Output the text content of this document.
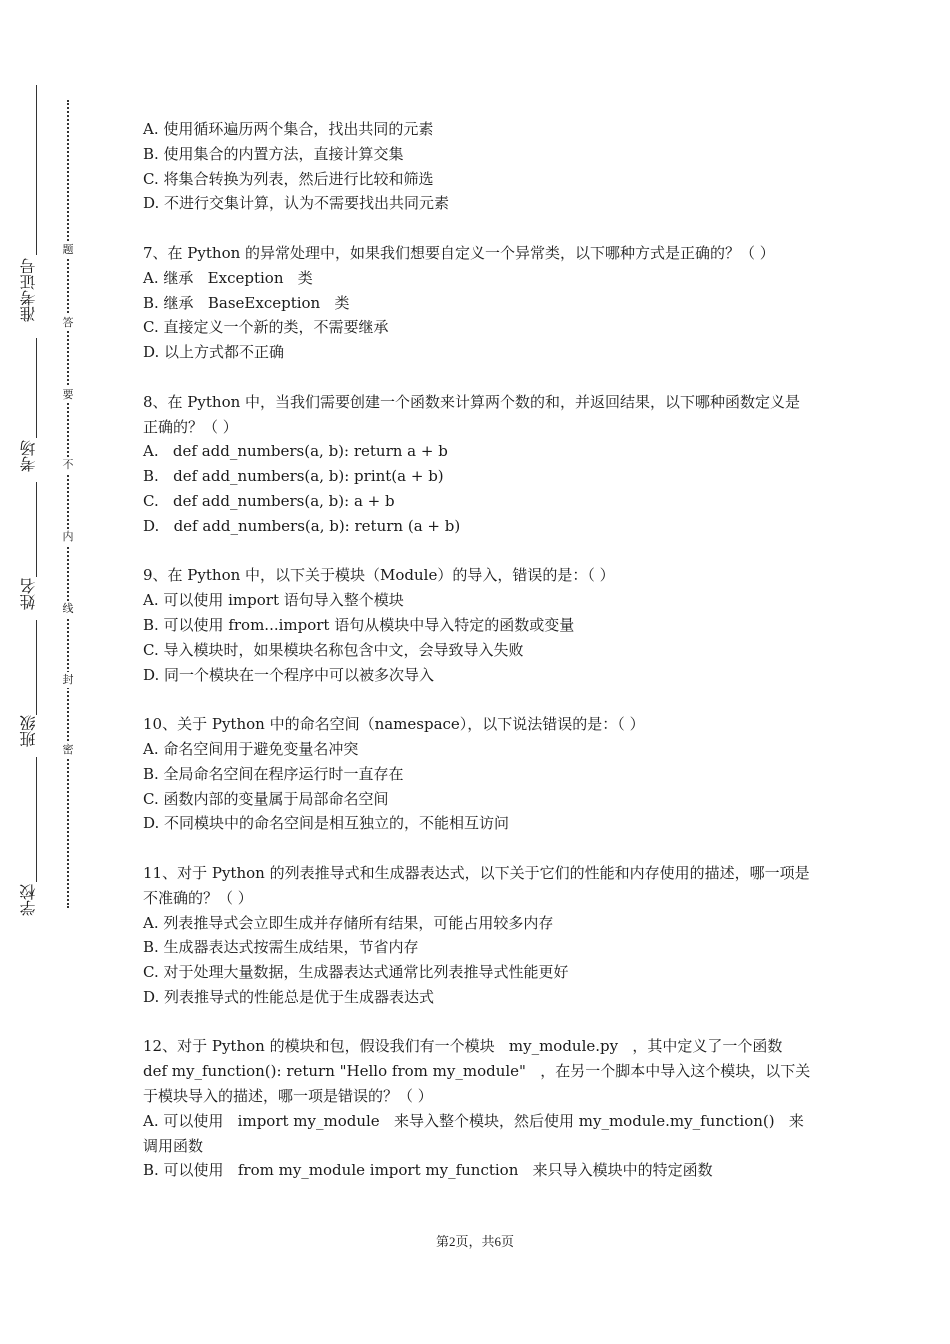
准考证号
考场
姓名
班级
学校
题
答
要
不
内
线
封
密
A. 使用循环遍历两个集合，找出共同的元素
B. 使用集合的内置方法，直接计算交集
C. 将集合转换为列表，然后进行比较和筛选
D. 不进行交集计算，认为不需要找出共同元素
7、在 Python 的异常处理中，如果我们想要自定义一个异常类，以下哪种方式是正确的？（ ）
A. 继承   Exception   类
B. 继承   BaseException   类
C. 直接定义一个新的类，不需要继承
D. 以上方式都不正确
8、在 Python 中，当我们需要创建一个函数来计算两个数的和，并返回结果，以下哪种函数定义是正确的？（ ）
A.   def add_numbers(a, b): return a + b
B.   def add_numbers(a, b): print(a + b)
C.   def add_numbers(a, b): a + b
D.   def add_numbers(a, b): return (a + b)
9、在 Python 中，以下关于模块（Module）的导入，错误的是：（ ）
A. 可以使用 import 语句导入整个模块
B. 可以使用 from...import 语句从模块中导入特定的函数或变量
C. 导入模块时，如果模块名称包含中文，会导致导入失败
D. 同一个模块在一个程序中可以被多次导入
10、关于 Python 中的命名空间（namespace），以下说法错误的是：（ ）
A. 命名空间用于避免变量名冲突
B. 全局命名空间在程序运行时一直存在
C. 函数内部的变量属于局部命名空间
D. 不同模块中的命名空间是相互独立的，不能相互访问
11、对于 Python 的列表推导式和生成器表达式，以下关于它们的性能和内存使用的描述，哪一项是不准确的？（ ）
A. 列表推导式会立即生成并存储所有结果，可能占用较多内存
B. 生成器表达式按需生成结果，节省内存
C. 对于处理大量数据，生成器表达式通常比列表推导式性能更好
D. 列表推导式的性能总是优于生成器表达式
12、对于 Python 的模块和包，假设我们有一个模块   my_module.py   ，其中定义了一个函数   def my_function(): return "Hello from my_module"   ，在另一个脚本中导入这个模块，以下关于模块导入的描述，哪一项是错误的？（ ）
A. 可以使用   import my_module   来导入整个模块，然后使用 my_module.my_function()   来调用函数
B. 可以使用   from my_module import my_function   来只导入模块中的特定函数
第2页，共6页
